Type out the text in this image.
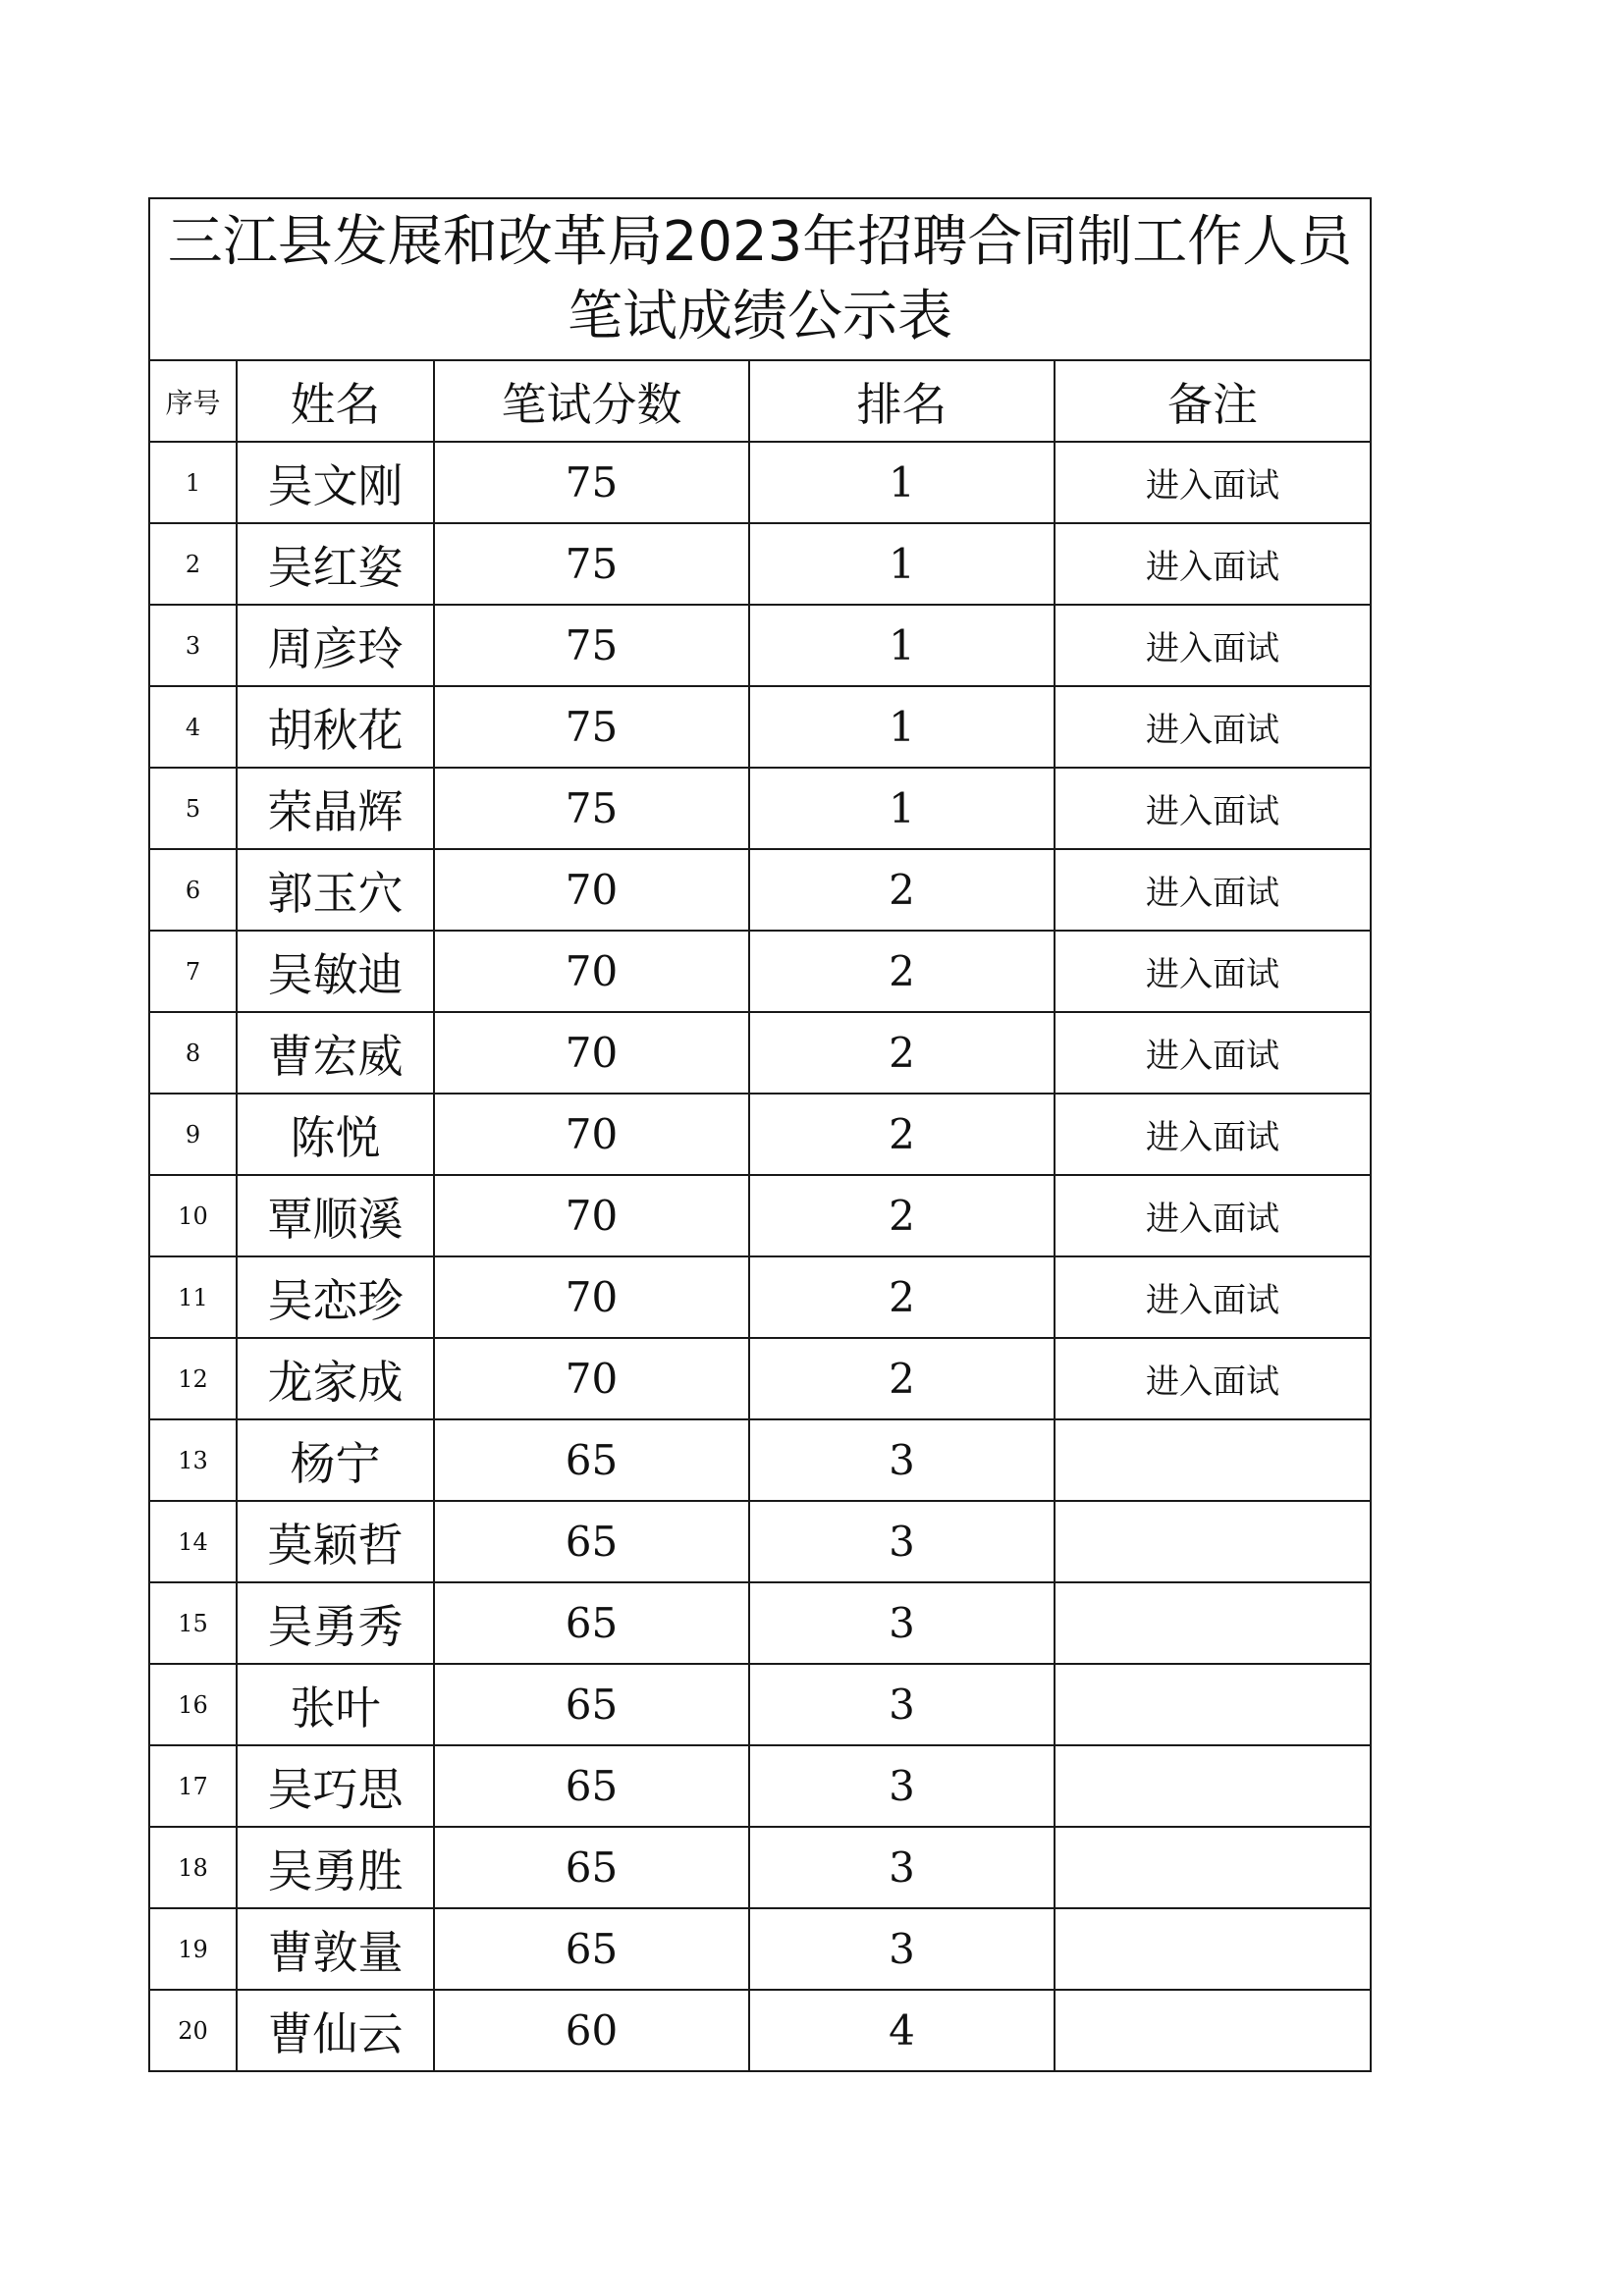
三江县发展和改革局2023年招聘合同制工作人员笔试成绩公示表				
序号	姓名	笔试分数	排名	备注
1	吴文刚	75	1	进入面试
2	吴红姿	75	1	进入面试
3	周彦玲	75	1	进入面试
4	胡秋花	75	1	进入面试
5	荣晶辉	75	1	进入面试
6	郭玉穴	70	2	进入面试
7	吴敏迪	70	2	进入面试
8	曹宏威	70	2	进入面试
9	陈悦	70	2	进入面试
10	覃顺溪	70	2	进入面试
11	吴恋珍	70	2	进入面试
12	龙家成	70	2	进入面试
13	杨宁	65	3	
14	莫颖哲	65	3	
15	吴勇秀	65	3	
16	张叶	65	3	
17	吴巧思	65	3	
18	吴勇胜	65	3	
19	曹敦量	65	3	
20	曹仙云	60	4	
